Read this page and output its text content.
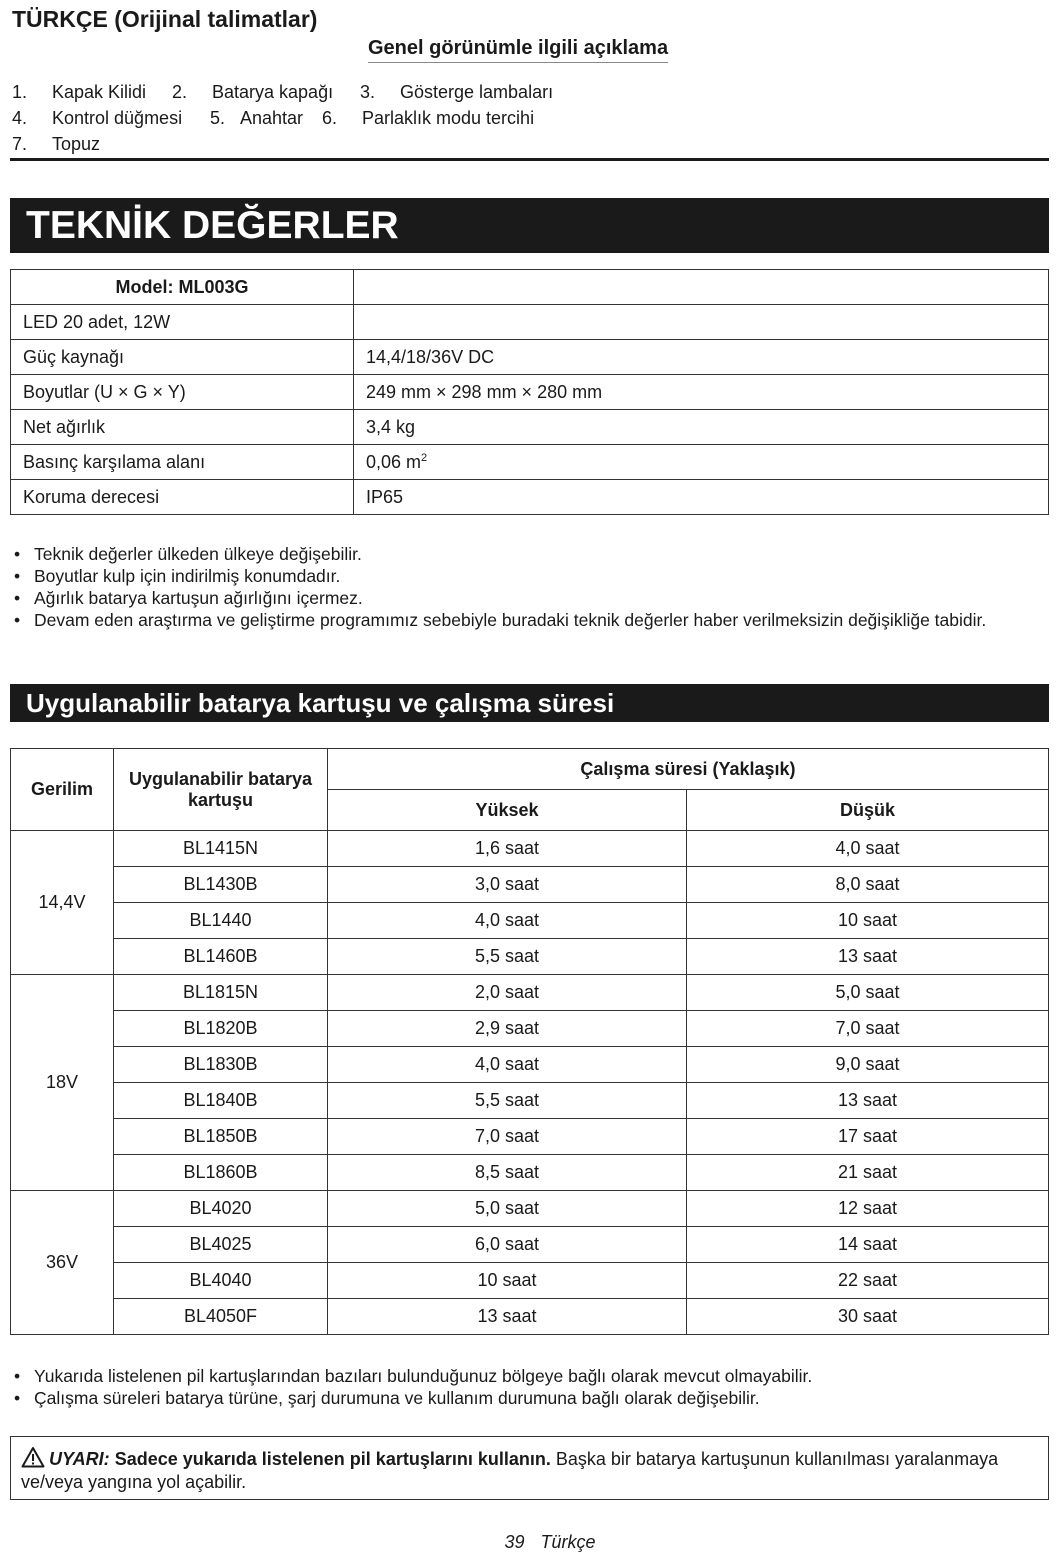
TÜRKÇE (Orijinal talimatlar)
Genel görünümle ilgili açıklama
1. Kapak Kilidi 2. Batarya kapağı 3. Gösterge lambaları
4. Kontrol düğmesi 5. Anahtar 6. Parlaklık modu tercihi
7. Topuz
TEKNİK DEĞERLER
Model: ML003G	
LED 20 adet, 12W	
Güç kaynağı	14,4/18/36V DC
Boyutlar (U × G × Y)	249 mm × 298 mm × 280 mm
Net ağırlık	3,4 kg
Basınç karşılama alanı	0,06 $m^2$
Koruma derecesi	IP65
• Teknik değerler ülkeden ülkeye değişebilir.
• Boyutlar kulp için indirilmiş konumdadır.
• Ağırlık batarya kartuşun ağırlığını içermez.
• Devam eden araştırma ve geliştirme programımız sebebiyle buradaki teknik değerler haber verilmeksizin değişikliğe tabidir.
Uygulanabilir batarya kartuşu ve çalışma süresi
Gerilim	Uygulanabilir batarya kartuşu	Çalışma süresi (Yaklaşık)	
		Yüksek	Düşük
14,4V	BL1415N	1,6 saat	4,0 saat
	BL1430B	3,0 saat	8,0 saat
	BL1440	4,0 saat	10 saat
	BL1460B	5,5 saat	13 saat
18V	BL1815N	2,0 saat	5,0 saat
	BL1820B	2,9 saat	7,0 saat
	BL1830B	4,0 saat	9,0 saat
	BL1840B	5,5 saat	13 saat
	BL1850B	7,0 saat	17 saat
	BL1860B	8,5 saat	21 saat
36V	BL4020	5,0 saat	12 saat
	BL4025	6,0 saat	14 saat
	BL4040	10 saat	22 saat
	BL4050F	13 saat	30 saat
• Yukarıda listelenen pil kartuşlarından bazıları bulunduğunuz bölgeye bağlı olarak mevcut olmayabilir.
• Çalışma süreleri batarya türüne, şarj durumuna ve kullanım durumuna bağlı olarak değişebilir.
UYARI: Sadece yukarıda listelenen pil kartuşlarını kullanın. Başka bir batarya kartuşunun kullanılması yaralanmaya ve/veya yangına yol açabilir.
39 Türkçe
